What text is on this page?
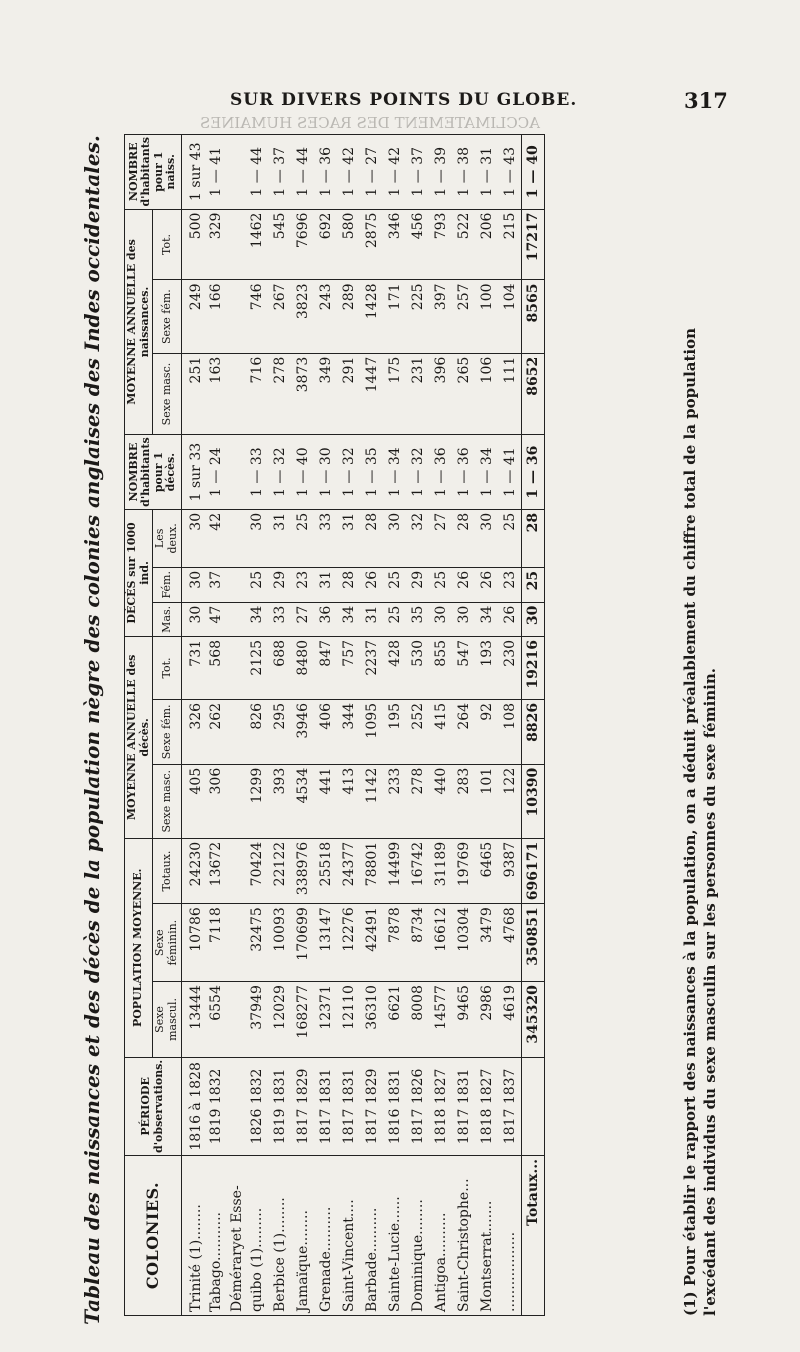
ACCLIMATEMENT DES RACES HUMAINES
SUR DIVERS POINTS DU GLOBE.	317
Tableau des naissances et des décès de la population nègre des colonies anglaises des Indes occidentales. COLONIES.	PÉRIODE d'observations.	POPULATION MOYENNE.			MOYENNE ANNUELLE des décès.			DÉCÈS sur 1000 ind.			NOMBRE d'habitants pour 1 décès.	MOYENNE ANNUELLE des naissances.			NOMBRE d'habitants pour 1 naiss.
		Sexe mascul.	Sexe féminin.	Totaux.	Sexe masc.	Sexe fém.	Tot.	Mas.	Fém.	Les deux.		Sexe masc.	Sexe fém.	Tot.	
Trinité (1)........	1816 à 1828	13444	10786	24230	405	326	731	30	30	30	1 sur 33	251	249	500	1 sur 43
Tabago...........	1819 1832	6554	7118	13672	306	262	568	47	37	42	1 — 24	163	166	329	1 — 41
Déméraryet Esse-															
quibo (1).........	1826 1832	37949	32475	70424	1299	826	2125	34	25	30	1 — 33	716	746	1462	1 — 44
Berbice (1)........	1819 1831	12029	10093	22122	393	295	688	33	29	31	1 — 32	278	267	545	1 — 37
Jamaïque........	1817 1829	168277	170699	338976	4534	3946	8480	27	23	25	1 — 40	3873	3823	7696	1 — 44
Grenade..........	1817 1831	12371	13147	25518	441	406	847	36	31	33	1 — 30	349	243	692	1 — 36
Saint-Vincent....	1817 1831	12110	12276	24377	413	344	757	34	28	31	1 — 32	291	289	580	1 — 42
Barbade..........	1817 1829	36310	42491	78801	1142	1095	2237	31	26	28	1 — 35	1447	1428	2875	1 — 27
Sainte-Lucie......	1816 1831	6621	7878	14499	233	195	428	25	25	30	1 — 34	175	171	346	1 — 42
Dominique........	1817 1826	8008	8734	16742	278	252	530	35	29	32	1 — 32	231	225	456	1 — 37
Antigoa..........	1818 1827	14577	16612	31189	440	415	855	30	25	27	1 — 36	396	397	793	1 — 39
Saint-Christophe...	1817 1831	9465	10304	19769	283	264	547	30	26	28	1 — 36	265	257	522	1 — 38
Montserrat.......	1818 1827	2986	3479	6465	101	92	193	34	26	30	1 — 34	106	100	206	1 — 31
..................	1817 1837	4619	4768	9387	122	108	230	26	23	25	1 — 41	111	104	215	1 — 43
Totaux...		345320	350851	696171	10390	8826	19216	30	25	28	1 — 36	8652	8565	17217	1 — 40
(1) Pour établir le rapport des naissances à la population, on a déduit préalablement du chiffre total de la population l'excédant des individus du sexe masculin sur les personnes du sexe féminin.
